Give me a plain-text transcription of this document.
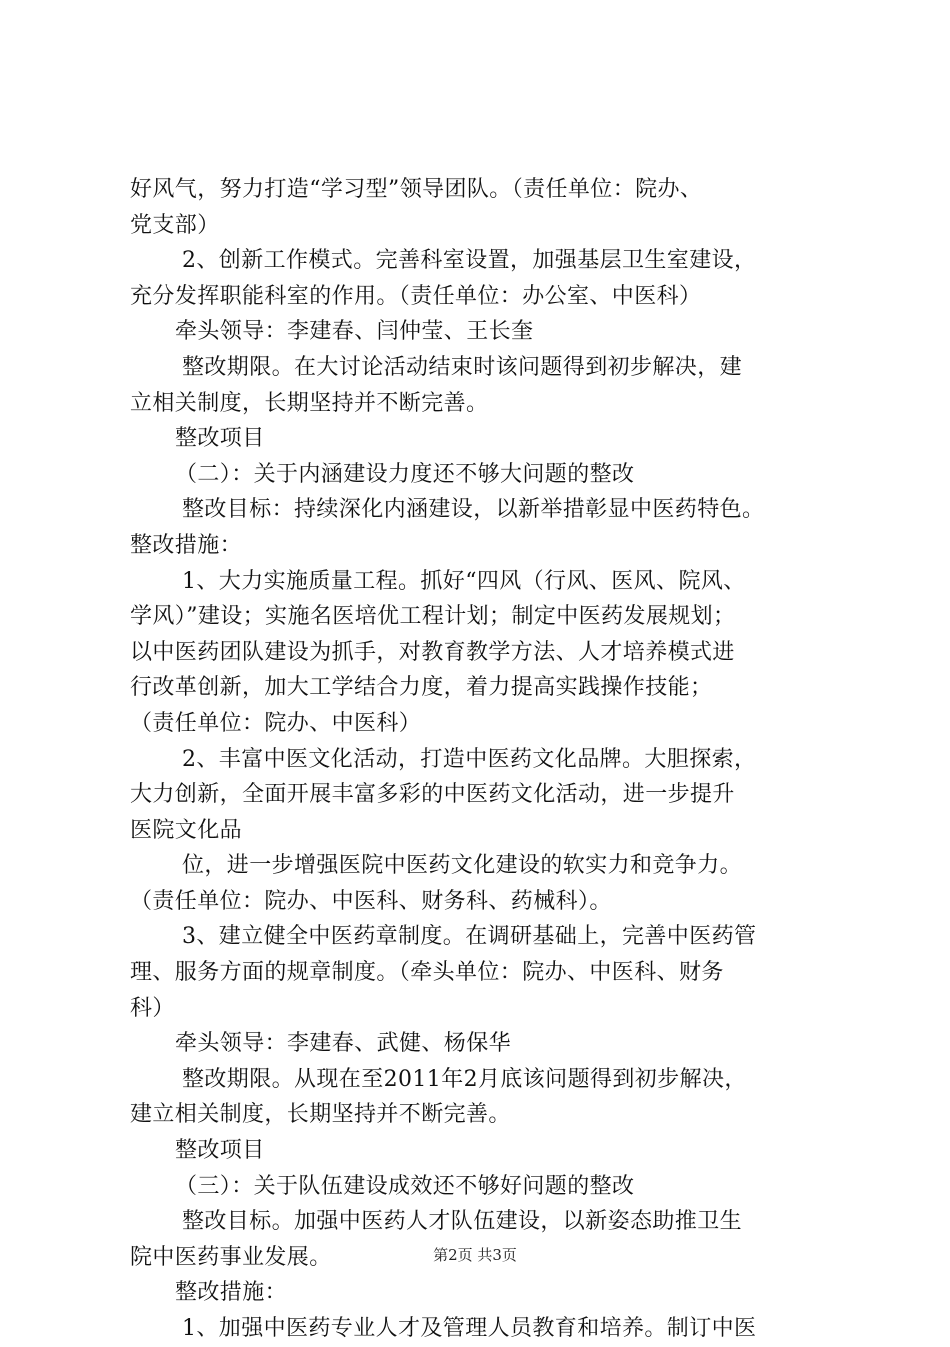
好风气，努力打造“学习型”领导团队。（责任单位：院办、
党支部）
2、创新工作模式。完善科室设置，加强基层卫生室建设，
充分发挥职能科室的作用。（责任单位：办公室、中医科）
牵头领导：李建春、闫仲莹、王长奎
整改期限。在大讨论活动结束时该问题得到初步解决，建
立相关制度，长期坚持并不断完善。
整改项目
（二）：关于内涵建设力度还不够大问题的整改
整改目标：持续深化内涵建设，以新举措彰显中医药特色。
整改措施：
1、大力实施质量工程。抓好“四风（行风、医风、院风、
学风）”建设；实施名医培优工程计划；制定中医药发展规划；
以中医药团队建设为抓手，对教育教学方法、人才培养模式进
行改革创新，加大工学结合力度，着力提高实践操作技能；
（责任单位：院办、中医科）
2、丰富中医文化活动，打造中医药文化品牌。大胆探索，
大力创新，全面开展丰富多彩的中医药文化活动，进一步提升
医院文化品
位，进一步增强医院中医药文化建设的软实力和竞争力。
（责任单位：院办、中医科、财务科、药械科）。
3、建立健全中医药章制度。在调研基础上，完善中医药管
理、服务方面的规章制度。（牵头单位：院办、中医科、财务
科）
牵头领导：李建春、武健、杨保华
整改期限。从现在至2011年2月底该问题得到初步解决，
建立相关制度，长期坚持并不断完善。
整改项目
（三）：关于队伍建设成效还不够好问题的整改
整改目标。加强中医药人才队伍建设，以新姿态助推卫生
院中医药事业发展。
整改措施：
1、加强中医药专业人才及管理人员教育和培养。制订中医
第2页 共3页
